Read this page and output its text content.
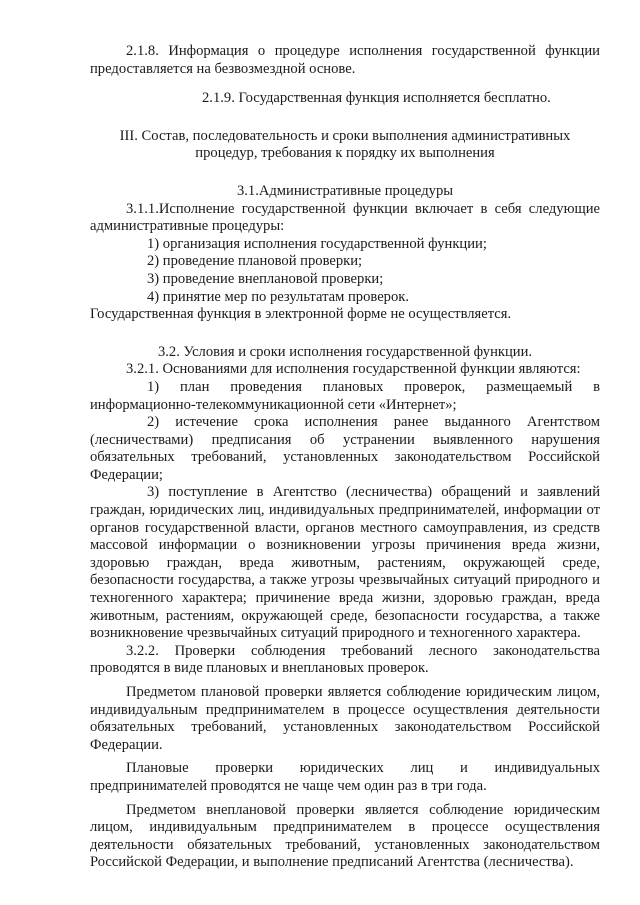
2.1.8. Информация о процедуре исполнения государственной функции предоставляется на безвозмездной основе.

2.1.9. Государственная функция исполняется бесплатно.

III. Состав, последовательность и сроки выполнения административных процедур, требования к порядку их выполнения

3.1.Административные процедуры

3.1.1.Исполнение государственной функции включает в себя следующие административные процедуры:

1) организация исполнения государственной функции;

2) проведение плановой проверки;

3) проведение внеплановой проверки;

4) принятие мер по результатам проверок.

Государственная функция в электронной форме не осуществляется.

3.2. Условия и сроки исполнения государственной функции.

3.2.1. Основаниями для исполнения государственной функции являются:

1) план проведения плановых проверок, размещаемый в информационно-телекоммуникационной сети «Интернет»;

2) истечение срока исполнения ранее выданного Агентством (лесничествами) предписания об устранении выявленного нарушения обязательных требований, установленных законодательством Российской Федерации;

3) поступление в Агентство (лесничества) обращений и заявлений граждан, юридических лиц, индивидуальных предпринимателей, информации от органов государственной власти, органов местного самоуправления, из средств массовой информации о возникновении угрозы причинения вреда жизни, здоровью граждан, вреда животным, растениям, окружающей среде, безопасности государства, а также угрозы чрезвычайных ситуаций природного и техногенного характера; причинение вреда жизни, здоровью граждан, вреда животным, растениям, окружающей среде, безопасности государства, а также возникновение чрезвычайных ситуаций природного и техногенного характера.

3.2.2. Проверки соблюдения требований лесного законодательства проводятся в виде плановых и внеплановых проверок.

Предметом плановой проверки является соблюдение юридическим лицом, индивидуальным предпринимателем в процессе осуществления деятельности обязательных требований, установленных законодательством Российской Федерации.

Плановые проверки юридических лиц и индивидуальных предпринимателей проводятся не чаще чем один раз в три года.

Предметом внеплановой проверки является соблюдение юридическим лицом, индивидуальным предпринимателем в процессе осуществления деятельности обязательных требований, установленных законодательством Российской Федерации, и выполнение предписаний Агентства (лесничества).
